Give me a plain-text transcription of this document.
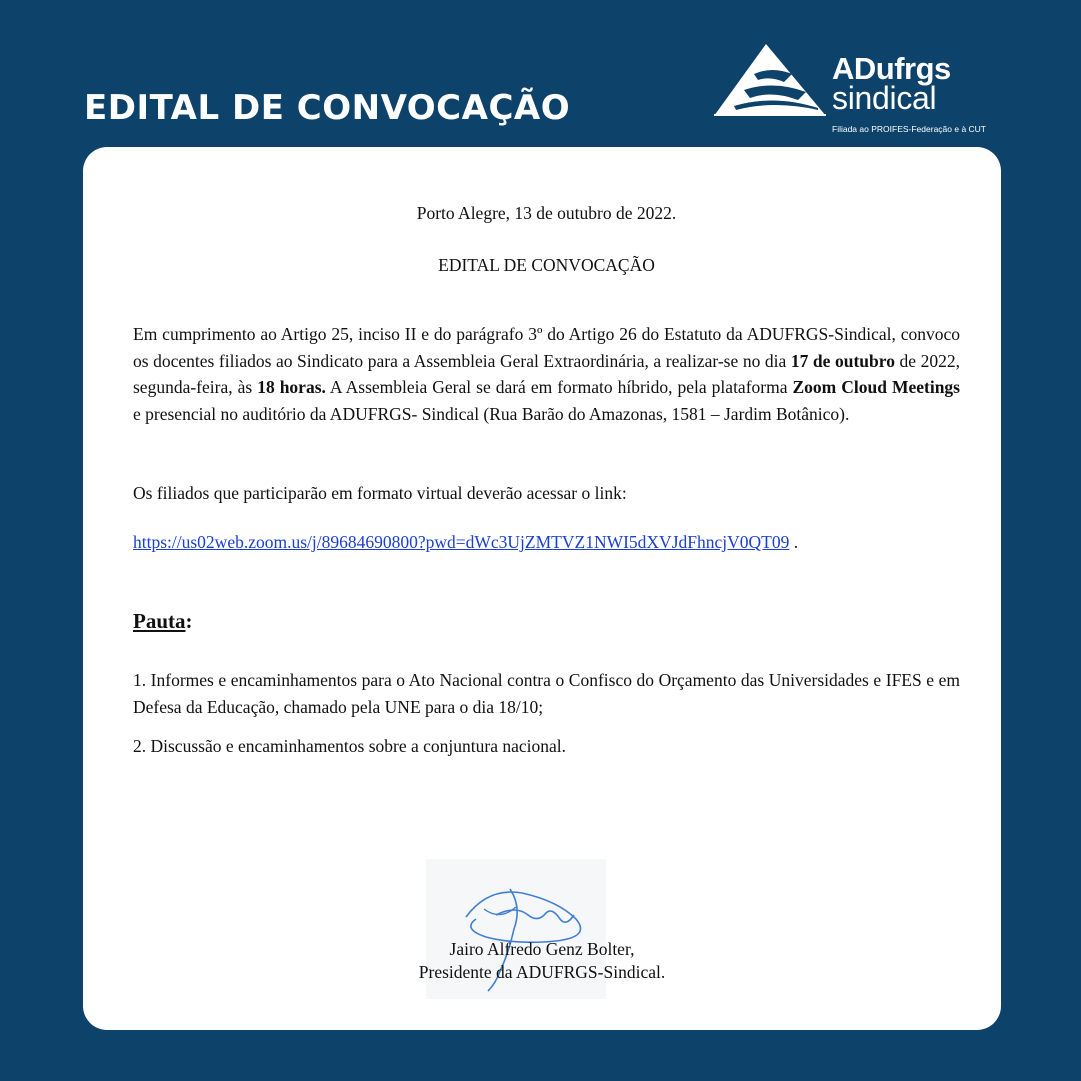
EDITAL DE CONVOCAÇÃO
ADufrgs
sindical
Filiada ao PROIFES-Federação e à CUT
Porto Alegre, 13 de outubro de 2022.
EDITAL DE CONVOCAÇÃO

Em cumprimento ao Artigo 25, inciso II e do parágrafo 3º do Artigo 26 do Estatuto da ADUFRGS-Sindical, convoco os docentes filiados ao Sindicato para a Assembleia Geral Extraordinária, a realizar-se no dia 17 de outubro de 2022, segunda-feira, às 18 horas. A Assembleia Geral se dará em formato híbrido, pela plataforma Zoom Cloud Meetings e presencial no auditório da ADUFRGS- Sindical (Rua Barão do Amazonas, 1581 – Jardim Botânico).

Os filiados que participarão em formato virtual deverão acessar o link:

https://us02web.zoom.us/j/89684690800?pwd=dWc3UjZMTVZ1NWI5dXVJdFhncjV0QT09 .
Pauta:

1. Informes e encaminhamentos para o Ato Nacional contra o Confisco do Orçamento das Universidades e IFES e em Defesa da Educação, chamado pela UNE para o dia 18/10;

2. Discussão e encaminhamentos sobre a conjuntura nacional.

Jairo Alfredo Genz Bolter,
Presidente da ADUFRGS-Sindical.
